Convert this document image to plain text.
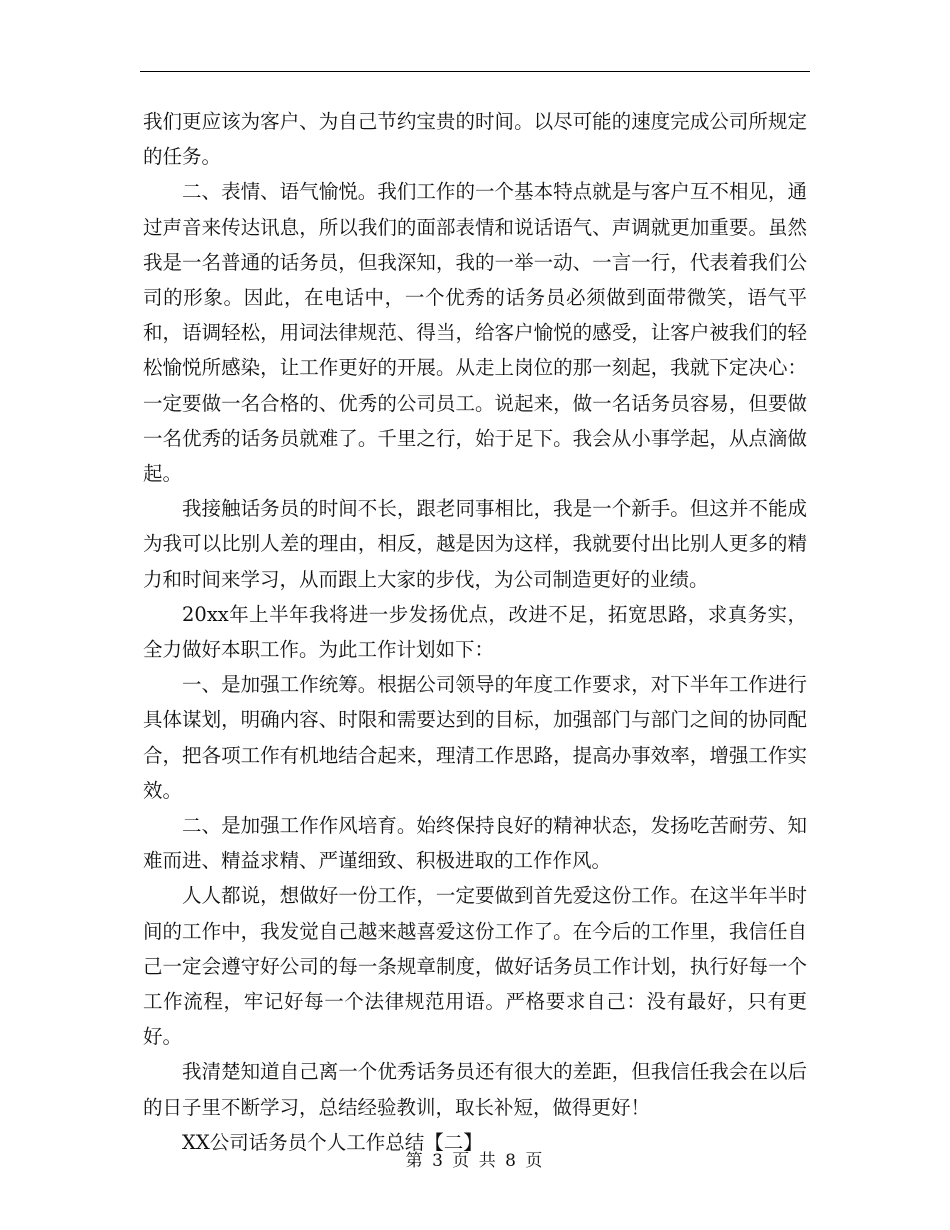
我们更应该为客户、为自己节约宝贵的时间。以尽可能的速度完成公司所规定的任务。

二、表情、语气愉悦。我们工作的一个基本特点就是与客户互不相见，通过声音来传达讯息，所以我们的面部表情和说话语气、声调就更加重要。虽然我是一名普通的话务员，但我深知，我的一举一动、一言一行，代表着我们公司的形象。因此，在电话中，一个优秀的话务员必须做到面带微笑，语气平和，语调轻松，用词法律规范、得当，给客户愉悦的感受，让客户被我们的轻松愉悦所感染，让工作更好的开展。从走上岗位的那一刻起，我就下定决心：一定要做一名合格的、优秀的公司员工。说起来，做一名话务员容易，但要做一名优秀的话务员就难了。千里之行，始于足下。我会从小事学起，从点滴做起。

我接触话务员的时间不长，跟老同事相比，我是一个新手。但这并不能成为我可以比别人差的理由，相反，越是因为这样，我就要付出比别人更多的精力和时间来学习，从而跟上大家的步伐，为公司制造更好的业绩。

20xx年上半年我将进一步发扬优点，改进不足，拓宽思路，求真务实，全力做好本职工作。为此工作计划如下：

一、是加强工作统筹。根据公司领导的年度工作要求，对下半年工作进行具体谋划，明确内容、时限和需要达到的目标，加强部门与部门之间的协同配合，把各项工作有机地结合起来，理清工作思路，提高办事效率，增强工作实效。

二、是加强工作作风培育。始终保持良好的精神状态，发扬吃苦耐劳、知难而进、精益求精、严谨细致、积极进取的工作作风。

人人都说，想做好一份工作，一定要做到首先爱这份工作。在这半年半时间的工作中，我发觉自己越来越喜爱这份工作了。在今后的工作里，我信任自己一定会遵守好公司的每一条规章制度，做好话务员工作计划，执行好每一个工作流程，牢记好每一个法律规范用语。严格要求自己：没有最好，只有更好。

我清楚知道自己离一个优秀话务员还有很大的差距，但我信任我会在以后的日子里不断学习，总结经验教训，取长补短，做得更好！

XX公司话务员个人工作总结【二】

第 3 页 共 8 页
